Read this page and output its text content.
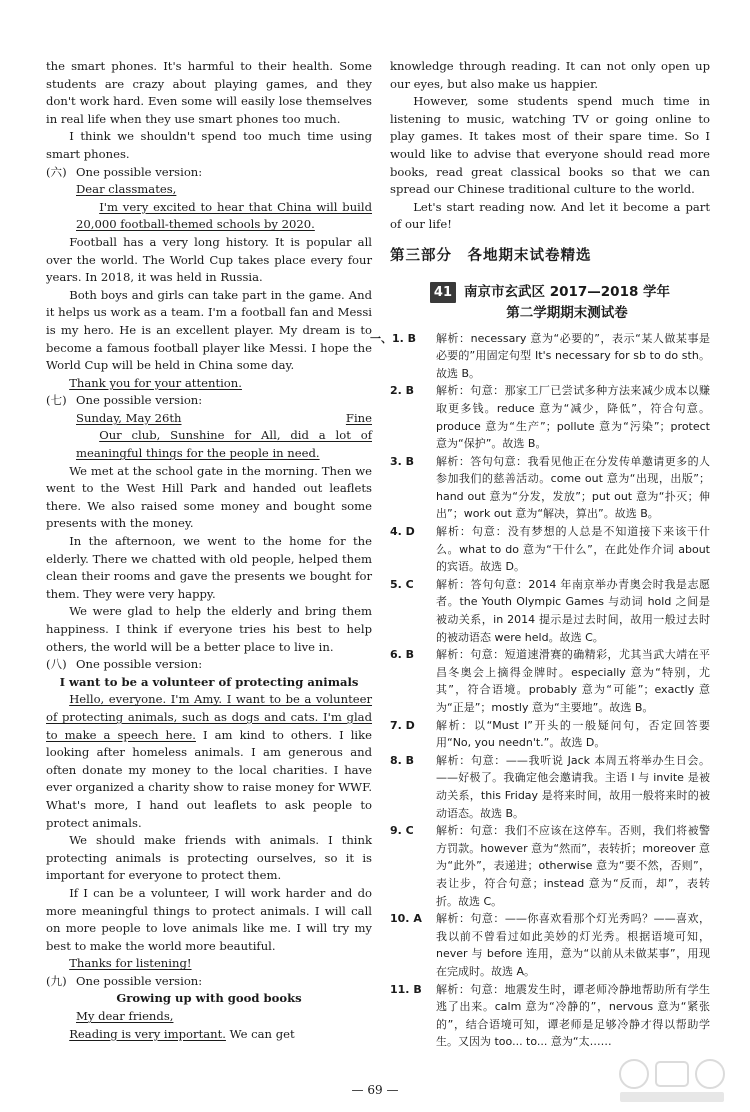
the smart phones. It's harmful to their health. Some students are crazy about playing games, and they don't work hard. Even some will easily lose themselves in real life when they use smart phones too much.

I think we shouldn't spend too much time using smart phones.

(六) One possible version:

Dear classmates,

I'm very excited to hear that China will build 20,000 football-themed schools by 2020.

Football has a very long history. It is popular all over the world. The World Cup takes place every four years. In 2018, it was held in Russia.

Both boys and girls can take part in the game. And it helps us work as a team. I'm a football fan and Messi is my hero. He is an excellent player. My dream is to become a famous football player like Messi. I hope the World Cup will be held in China some day.

Thank you for your attention.

(七) One possible version:
Sunday, May 26th	Fine

Our club, Sunshine for All, did a lot of meaningful things for the people in need.

We met at the school gate in the morning. Then we went to the West Hill Park and handed out leaflets there. We also raised some money and bought some presents with the money.

In the afternoon, we went to the home for the elderly. There we chatted with old people, helped them clean their rooms and gave the presents we bought for them. They were very happy.

We were glad to help the elderly and bring them happiness. I think if everyone tries his best to help others, the world will be a better place to live in.

(八) One possible version:

I want to be a volunteer of protecting animals

Hello, everyone. I'm Amy. I want to be a volunteer of protecting animals, such as dogs and cats. I'm glad to make a speech here. I am kind to others. I like looking after homeless animals. I am generous and often donate my money to the local charities. I have ever organized a charity show to raise money for WWF. What's more, I hand out leaflets to ask people to protect animals.

We should make friends with animals. I think protecting animals is protecting ourselves, so it is important for everyone to protect them.

If I can be a volunteer, I will work harder and do more meaningful things to protect animals. I will call on more people to love animals like me. I will try my best to make the world more beautiful.

Thanks for listening!

(九) One possible version:

Growing up with good books

My dear friends,

Reading is very important. We can get

knowledge through reading. It can not only open up our eyes, but also make us happier.

However, some students spend much time in listening to music, watching TV or going online to play games. It takes most of their spare time. So I would like to advise that everyone should read more books, read great classical books so that we can spread our Chinese traditional culture to the world.

Let's start reading now. And let it become a part of our life!

第三部分　各地期末试卷精选
41 南京市玄武区 2017—2018 学年
第二学期期末测试卷
一、1. B	解析：necessary 意为“必要的”，表示“某人做某事是必要的”用固定句型 It's necessary for sb to do sth。故选 B。
2. B	解析：句意：那家工厂已尝试多种方法来减少成本以赚取更多钱。reduce 意为“减少，降低”，符合句意。produce 意为“生产”；pollute 意为“污染”；protect 意为“保护”。故选 B。
3. B	解析：答句句意：我看见他正在分发传单邀请更多的人参加我们的慈善活动。come out 意为“出现，出版”；hand out 意为“分发，发放”；put out 意为“扑灭；伸出”；work out 意为“解决，算出”。故选 B。
4. D	解析：句意：没有梦想的人总是不知道接下来该干什么。what to do 意为“干什么”，在此处作介词 about 的宾语。故选 D。
5. C	解析：答句句意：2014 年南京举办青奥会时我是志愿者。the Youth Olympic Games 与动词 hold 之间是被动关系，in 2014 提示是过去时间，故用一般过去时的被动语态 were held。故选 C。
6. B	解析：句意：短道速滑赛的确精彩，尤其当武大靖在平昌冬奥会上摘得金牌时。especially 意为“特别，尤其”，符合语境。probably 意为“可能”；exactly 意为“正是”；mostly 意为“主要地”。故选 B。
7. D	解析：以“Must I”开头的一般疑问句，否定回答要用“No, you needn't.”。故选 D。
8. B	解析：句意：——我听说 Jack 本周五将举办生日会。——好极了。我确定他会邀请我。主语 I 与 invite 是被动关系，this Friday 是将来时间，故用一般将来时的被动语态。故选 B。
9. C	解析：句意：我们不应该在这停车。否则，我们将被警方罚款。however 意为“然而”，表转折；moreover 意为“此外”，表递进；otherwise 意为“要不然，否则”，表让步，符合句意；instead 意为“反而，却”，表转折。故选 C。
10. A	解析：句意：——你喜欢看那个灯光秀吗？——喜欢，我以前不曾看过如此美妙的灯光秀。根据语境可知，never 与 before 连用，意为“以前从未做某事”，用现在完成时。故选 A。
11. B	解析：句意：地震发生时，谭老师冷静地帮助所有学生逃了出来。calm 意为“冷静的”，nervous 意为“紧张的”，结合语境可知，谭老师是足够冷静才得以帮助学生。又因为 too... to... 意为“太……
— 69 —
